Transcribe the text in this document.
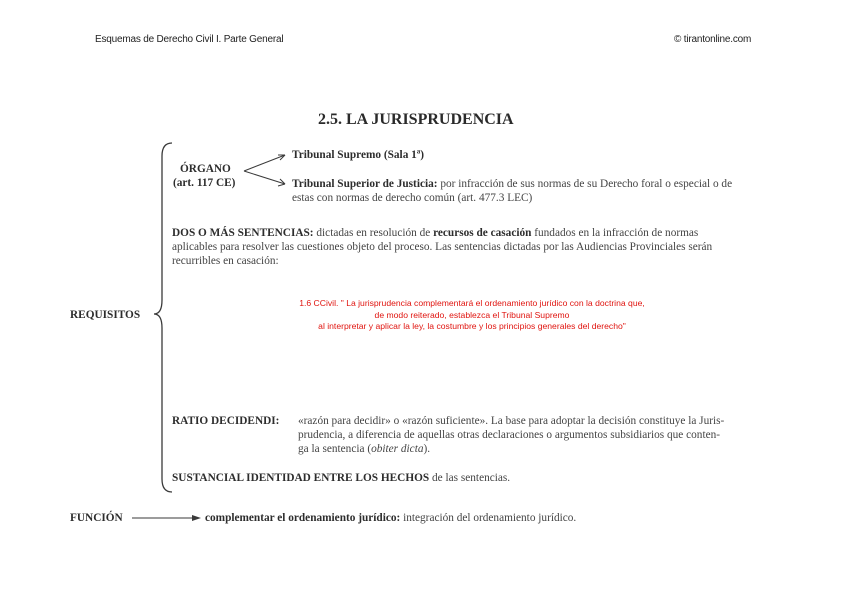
Esquemas de Derecho Civil I. Parte General	© tirantonline.com
2.5. LA JURISPRUDENCIA
REQUISITOS
ÓRGANO
(art. 117 CE)
Tribunal Supremo (Sala 1ª)
Tribunal Superior de Justicia: por infracción de sus normas de su Derecho foral o especial o de
estas con normas de derecho común (art. 477.3 LEC)
DOS O MÁS SENTENCIAS: dictadas en resolución de recursos de casación fundados en la infracción de normas
aplicables para resolver las cuestiones objeto del proceso. Las sentencias dictadas por las Audiencias Provinciales serán
recurribles en casación:
1.6 CCivil. " La jurisprudencia complementará el ordenamiento jurídico con la doctrina que,
de modo reiterado, establezca el Tribunal Supremo
al interpretar y aplicar la ley, la costumbre y los principios generales del derecho"
RATIO DECIDENDI: «razón para decidir» o «razón suficiente». La base para adoptar la decisión constituye la Juris-
prudencia, a diferencia de aquellas otras declaraciones o argumentos subsidiarios que conten-
ga la sentencia (obiter dicta).
SUSTANCIAL IDENTIDAD ENTRE LOS HECHOS de las sentencias.
FUNCIÓN	complementar el ordenamiento jurídico: integración del ordenamiento jurídico.
